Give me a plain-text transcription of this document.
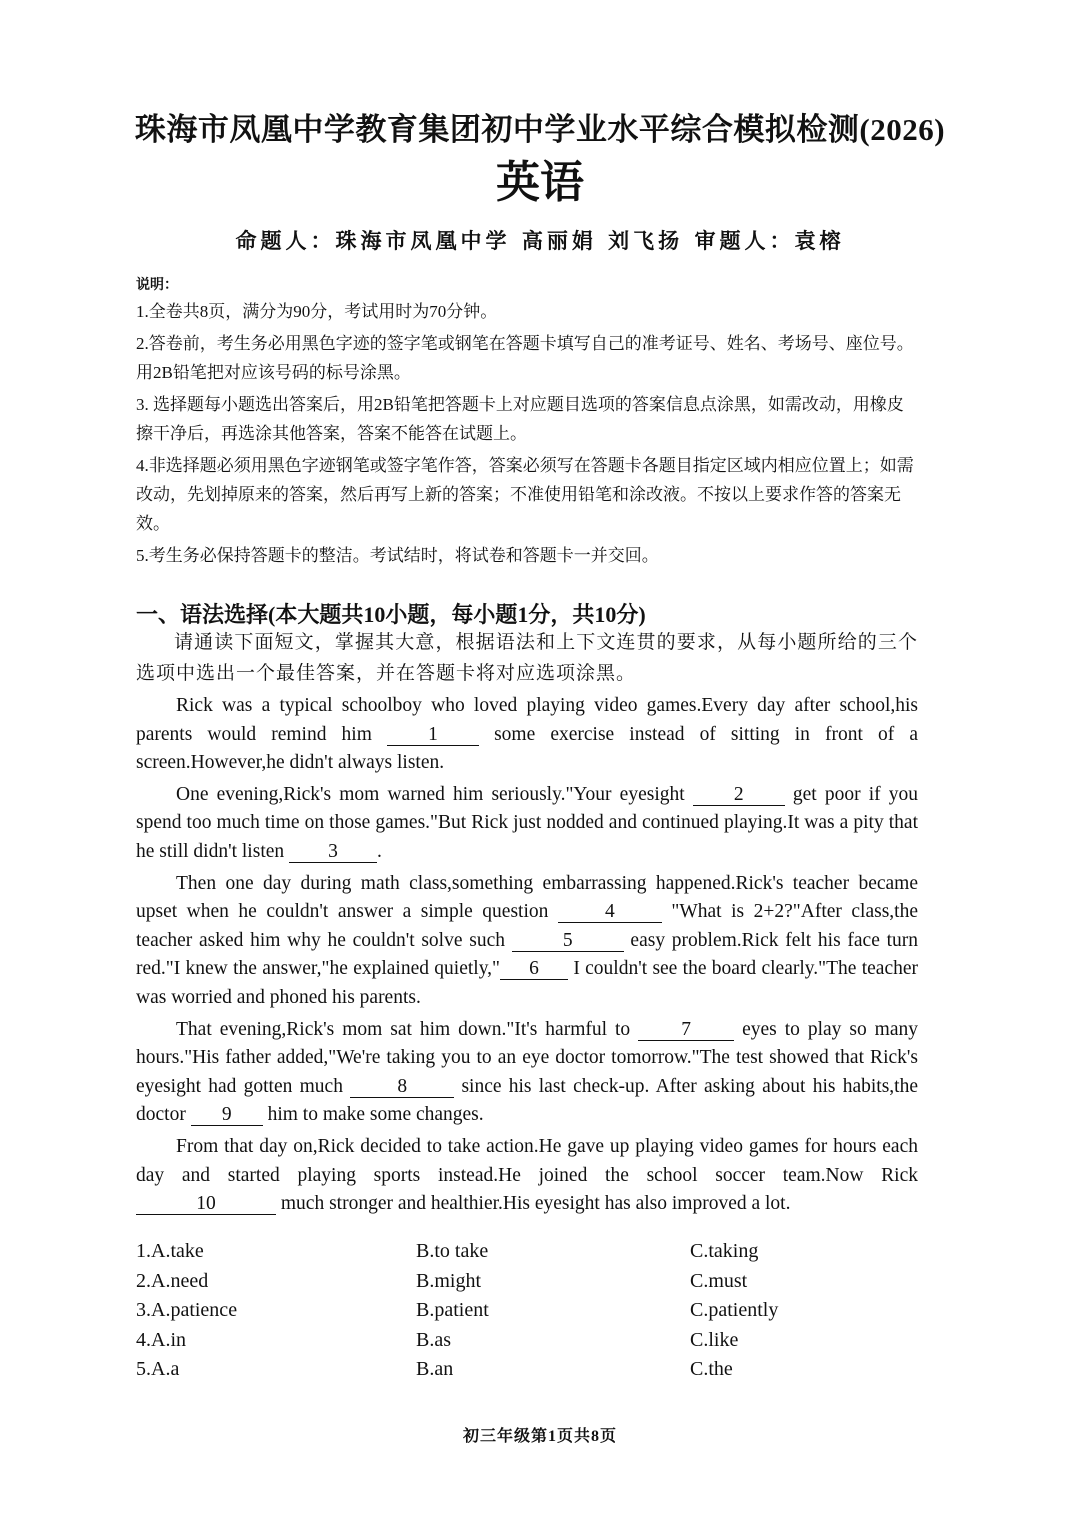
珠海市凤凰中学教育集团初中学业水平综合模拟检测(2026)
英语
命题人：珠海市凤凰中学 高丽娟 刘飞扬 审题人：袁榕
说明：

1.全卷共8页，满分为90分，考试用时为70分钟。

2.答卷前，考生务必用黑色字迹的签字笔或钢笔在答题卡填写自己的准考证号、姓名、考场号、座位号。用2B铅笔把对应该号码的标号涂黑。

3. 选择题每小题选出答案后，用2B铅笔把答题卡上对应题目选项的答案信息点涂黑，如需改动，用橡皮擦干净后，再选涂其他答案，答案不能答在试题上。

4.非选择题必须用黑色字迹钢笔或签字笔作答，答案必须写在答题卡各题目指定区域内相应位置上；如需改动，先划掉原来的答案，然后再写上新的答案；不准使用铅笔和涂改液。不按以上要求作答的答案无效。

5.考生务必保持答题卡的整洁。考试结时，将试卷和答题卡一并交回。

一、语法选择(本大题共10小题，每小题1分，共10分)
请通读下面短文，掌握其大意，根据语法和上下文连贯的要求，从每小题所给的三个选项中选出一个最佳答案，并在答题卡将对应选项涂黑。

Rick was a typical schoolboy who loved playing video games.Every day after school,his parents would remind him 1 some exercise instead of sitting in front of a screen.However,he didn't always listen.

One evening,Rick's mom warned him seriously."Your eyesight 2 get poor if you spend too much time on those games."But Rick just nodded and continued playing.It was a pity that he still didn't listen 3 .

Then one day during math class,something embarrassing happened.Rick's teacher became upset when he couldn't answer a simple question 4 "What is 2+2?"After class,the teacher asked him why he couldn't solve such	5	easy problem.Rick felt his face turn red."I knew the answer,"he explained quietly," 6 I couldn't see the board clearly."The teacher was worried and phoned his parents.

That evening,Rick's mom sat him down."It's harmful to 7 eyes to play so many hours."His father added,"We're taking you to an eye doctor tomorrow."The test showed that Rick's eyesight had gotten much 8 since his last check-up. After asking about his habits,the doctor 9 him to make some changes.

From that day on,Rick decided to take action.He gave up playing video games for hours each day and started playing sports instead.He joined the school soccer team.Now Rick 10	much stronger and healthier.His eyesight has also improved a lot.

1.A.take	B.to take	C.taking
2.A.need	B.might	C.must
3.A.patience	B.patient	C.patiently
4.A.in	B.as	C.like
5.A.a	B.an	C.the
初三年级第1页共8页
